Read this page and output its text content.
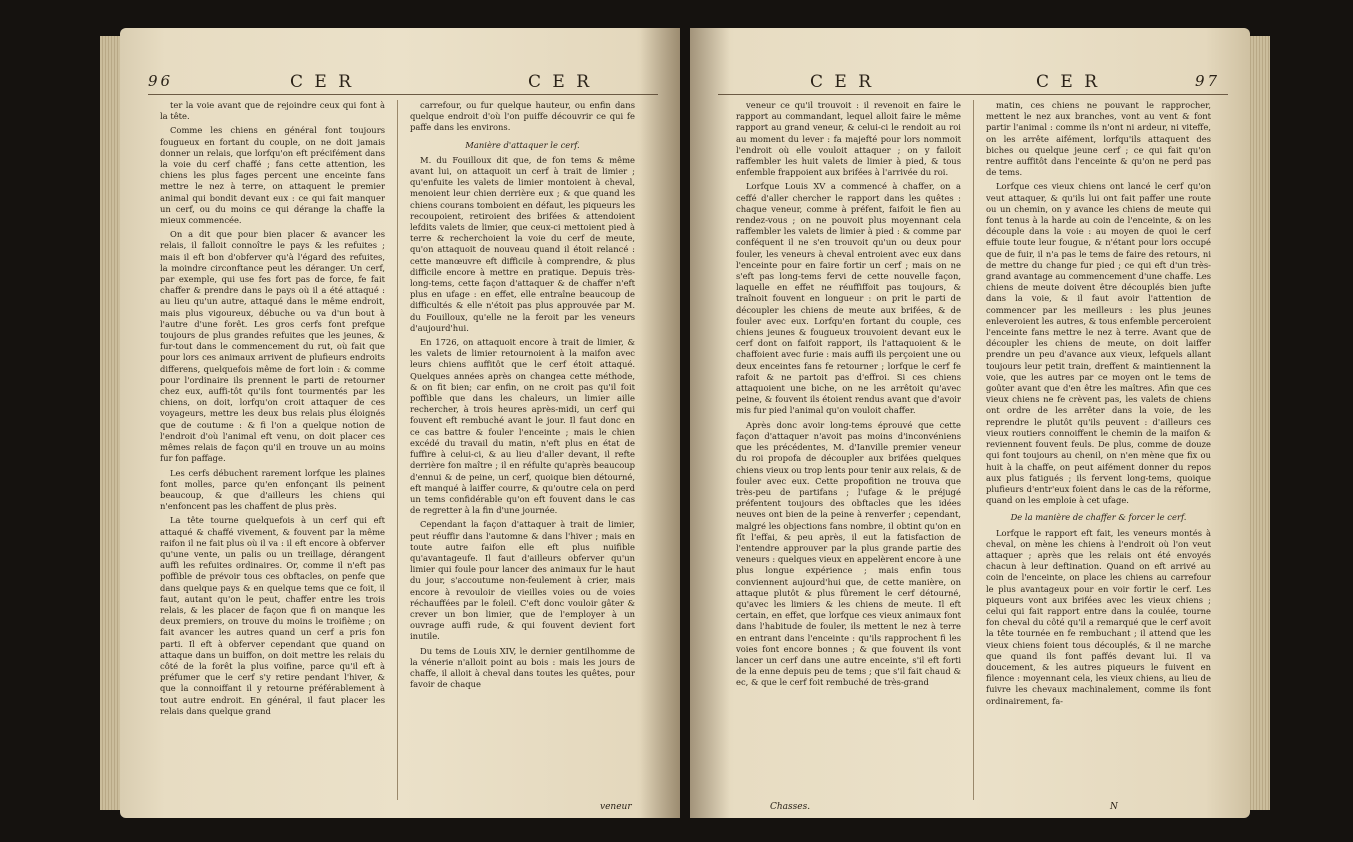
96	C E R	C E R

ter la voie avant que de rejoindre ceux qui font à la tête.

Comme les chiens en général font toujours fougueux en fortant du couple, on ne doit jamais donner un relais, que lorfqu'on eft précifément dans la voie du cerf chaffé ; fans cette attention, les chiens les plus fages percent une enceinte fans mettre le nez à terre, on attaquent le premier animal qui bondit devant eux : ce qui fait manquer un cerf, ou du moins ce qui dérange la chaffe la mieux commencée.

On a dit que pour bien placer & avancer les relais, il falloit connoître le pays & les refuites ; mais il eft bon d'obferver qu'à l'égard des refuites, la moindre circonftance peut les déranger. Un cerf, par exemple, qui use fes fort pas de force, fe fait chaffer & prendre dans le pays où il a été attaqué : au lieu qu'un autre, attaqué dans le même endroit, mais plus vigoureux, débuche ou va d'un bout à l'autre d'une forêt. Les gros cerfs font prefque toujours de plus grandes refuites que les jeunes, & fur-tout dans le commencement du rut, où fait que pour lors ces animaux arrivent de plufieurs endroits differens, quelquefois même de fort loin : & comme pour l'ordinaire ils prennent le parti de retourner chez eux, auffi-tôt qu'ils font tourmentés par les chiens, on doit, lorfqu'on croit attaquer de ces voyageurs, mettre les deux bus relais plus éloignés que de coutume : & fi l'on a quelque notion de l'endroit d'où l'animal eft venu, on doit placer ces mêmes relais de façon qu'il en trouve un au moins fur fon paffage.

Les cerfs débuchent rarement lorfque les plaines font molles, parce qu'en enfonçant ils peinent beaucoup, & que d'ailleurs les chiens qui n'enfoncent pas les chaffent de plus près.

La tête tourne quelquefois à un cerf qui eft attaqué & chaffé vivement, & fouvent par la même raifon il ne fait plus où il va : il eft encore à obferver qu'une vente, un palis ou un treillage, dérangent auffi les refuites ordinaires. Or, comme il n'eft pas poffible de prévoir tous ces obftacles, on penfe que dans quelque pays & en quelque tems que ce foit, il faut, autant qu'on le peut, chaffer entre les trois relais, & les placer de façon que fi on manque les deux premiers, on trouve du moins le troifième ; on fait avancer les autres quand un cerf a pris fon parti. Il eft à obferver cependant que quand on attaque dans un buiffon, on doit mettre les relais du côté de la forêt la plus voifine, parce qu'il eft à préfumer que le cerf s'y retire pendant l'hiver, & que la connoiffant il y retourne préférablement à tout autre endroit. En général, il faut placer les relais dans quelque grand

carrefour, ou fur quelque hauteur, ou enfin dans quelque endroit d'où l'on puiffe découvrir ce qui fe paffe dans les environs.

Manière d'attaquer le cerf.

M. du Fouilloux dit que, de fon tems & même avant lui, on attaquoit un cerf à trait de limier ; qu'enfuite les valets de limier montoient à cheval, menoient leur chien derrière eux ; & que quand les chiens courans tomboient en défaut, les piqueurs les recoupoient, retiroient des brifées & attendoient lefdits valets de limier, que ceux-ci mettoient pied à terre & recherchoient la voie du cerf de meute, qu'on attaquoit de nouveau quand il étoit relancé : cette manœuvre eft difficile à comprendre, & plus difficile encore à mettre en pratique. Depuis très-long-tems, cette façon d'attaquer & de chaffer n'eft plus en ufage : en effet, elle entraîne beaucoup de difficultés & elle n'étoit pas plus approuvée par M. du Fouilloux, qu'elle ne la feroit par les veneurs d'aujourd'hui.

En 1726, on attaquoit encore à trait de limier, & les valets de limier retournoient à la maifon avec leurs chiens auffitôt que le cerf étoit attaqué. Quelques années après on changea cette méthode, & on fit bien; car enfin, on ne croit pas qu'il foit poffible que dans les chaleurs, un limier aille rechercher, à trois heures après-midi, un cerf qui fouvent eft rembuché avant le jour. Il faut donc en ce cas battre & fouler l'enceinte ; mais le chien excédé du travail du matin, n'eft plus en état de fuffire à celui-ci, & au lieu d'aller devant, il refte derrière fon maître ; il en réfulte qu'après beaucoup d'ennui & de peine, un cerf, quoique bien détourné, eft manqué à laiffer courre, & qu'outre cela on perd un tems confidérable qu'on eft fouvent dans le cas de regretter à la fin d'une journée.

Cependant la façon d'attaquer à trait de limier, peut réuffir dans l'automne & dans l'hiver ; mais en toute autre faifon elle eft plus nuifible qu'avantageufe. Il faut d'ailleurs obferver qu'un limier qui foule pour lancer des animaux fur le haut du jour, s'accoutume non-feulement à crier, mais encore à revouloir de vieilles voies ou de voies réchauffées par le foleil. C'eft donc vouloir gâter & crever un bon limier, que de l'employer à un ouvrage auffi rude, & qui fouvent devient fort inutile.

Du tems de Louis XIV, le dernier gentilhomme de la vénerie n'alloit point au bois : mais les jours de chaffe, il alloit à cheval dans toutes les quêtes, pour favoir de chaque

veneur
C E R	C E R	97

veneur ce qu'il trouvoit : il revenoit en faire le rapport au commandant, lequel alloit faire le même rapport au grand veneur, & celui-ci le rendoit au roi au moment du lever : fa majefté pour lors nommoit l'endroit où elle vouloit attaquer ; on y failoit raffembler les huit valets de limier à pied, & tous enfemble frappoient aux brifées à l'arrivée du roi.

Lorfque Louis XV a commencé à chaffer, on a ceffé d'aller chercher le rapport dans les quêtes : chaque veneur, comme à préfent, faifoit le fien au rendez-vous ; on ne pouvoit plus moyennant cela raffembler les valets de limier à pied : & comme par conféquent il ne s'en trouvoit qu'un ou deux pour fouler, les veneurs à cheval entroient avec eux dans l'enceinte pour en faire fortir un cerf ; mais on ne s'eft pas long-tems fervi de cette nouvelle façon, laquelle en effet ne réuffiffoit pas toujours, & traînoit fouvent en longueur : on prit le parti de découpler les chiens de meute aux brifées, & de fouler avec eux. Lorfqu'en fortant du couple, ces chiens jeunes & fougueux trouvoient devant eux le cerf dont on faifoit rapport, ils l'attaquoient & le chaffoient avec furie : mais auffi ils perçoient une ou deux enceintes fans fe retourner ; lorfque le cerf fe rafoit & ne partoit pas d'effroi. Si ces chiens attaquoient une biche, on ne les arrêtoit qu'avec peine, & fouvent ils étoient rendus avant que d'avoir mis fur pied l'animal qu'on vouloit chaffer.

Après donc avoir long-tems éprouvé que cette façon d'attaquer n'avoit pas moins d'inconvéniens que les précédentes, M. d'Ianville premier veneur du roi propofa de découpler aux brifées quelques chiens vieux ou trop lents pour tenir aux relais, & de fouler avec eux. Cette propofition ne trouva que très-peu de partifans ; l'ufage & le préjugé préfentent toujours des obftacles que les idées neuves ont bien de la peine à renverfer ; cependant, malgré les objections fans nombre, il obtint qu'on en fît l'effai, & peu après, il eut la fatisfaction de l'entendre approuver par la plus grande partie des veneurs : quelques vieux en appelèrent encore à une plus longue expérience ; mais enfin tous conviennent aujourd'hui que, de cette manière, on attaque plutôt & plus fûrement le cerf détourné, qu'avec les limiers & les chiens de meute. Il eft certain, en effet, que lorfque ces vieux animaux font dans l'habitude de fouler, ils mettent le nez à terre en entrant dans l'enceinte : qu'ils rapprochent fi les voies font encore bonnes ; & que fouvent ils vont lancer un cerf dans une autre enceinte, s'il eft forti de la enne depuis peu de tems ; que s'il fait chaud & ec, & que le cerf foit rembuché de très-grand

matin, ces chiens ne pouvant le rapprocher, mettent le nez aux branches, vont au vent & font partir l'animal : comme ils n'ont ni ardeur, ni viteffe, on les arrête aifément, lorfqu'ils attaquent des biches ou quelque jeune cerf ; ce qui fait qu'on rentre auffitôt dans l'enceinte & qu'on ne perd pas de tems.

Lorfque ces vieux chiens ont lancé le cerf qu'on veut attaquer, & qu'ils lui ont fait paffer une route ou un chemin, on y avance les chiens de meute qui font tenus à la harde au coin de l'enceinte, & on les découple dans la voie : au moyen de quoi le cerf effuie toute leur fougue, & n'étant pour lors occupé que de fuir, il n'a pas le tems de faire des retours, ni de mettre du change fur pied ; ce qui eft d'un très-grand avantage au commencement d'une chaffe. Les chiens de meute doivent être découplés bien jufte dans la voie, & il faut avoir l'attention de commencer par les meilleurs : les plus jeunes enleveroient les autres, & tous enfemble perceroient l'enceinte fans mettre le nez à terre. Avant que de découpler les chiens de meute, on doit laiffer prendre un peu d'avance aux vieux, lefquels allant toujours leur petit train, dreffent & maintiennent la voie, que les autres par ce moyen ont le tems de goûter avant que d'en être les maîtres. Afin que ces vieux chiens ne fe crèvent pas, les valets de chiens ont ordre de les arrêter dans la voie, de les reprendre le plutôt qu'ils peuvent : d'ailleurs ces vieux routiers connoiffent le chemin de la maifon & reviennent fouvent feuls. De plus, comme de douze qui font toujours au chenil, on n'en mène que fix ou huit à la chaffe, on peut aifément donner du repos aux plus fatigués ; ils fervent long-tems, quoique plufieurs d'entr'eux foient dans le cas de la réforme, quand on les emploie à cet ufage.

De la manière de chaffer & forcer le cerf.

Lorfque le rapport eft fait, les veneurs montés à cheval, on mène les chiens à l'endroit où l'on veut attaquer ; après que les relais ont été envoyés chacun à leur deftination. Quand on eft arrivé au coin de l'enceinte, on place les chiens au carrefour le plus avantageux pour en voir fortir le cerf. Les piqueurs vont aux brifées avec les vieux chiens ; celui qui fait rapport entre dans la coulée, tourne fon cheval du côté qu'il a remarqué que le cerf avoit la tête tournée en fe rembuchant ; il attend que les vieux chiens foient tous découplés, & il ne marche que quand ils font paffés devant lui. Il va doucement, & les autres piqueurs le fuivent en filence : moyennant cela, les vieux chiens, au lieu de fuivre les chevaux machinalement, comme ils font ordinairement, fa-

Chasses.	N
